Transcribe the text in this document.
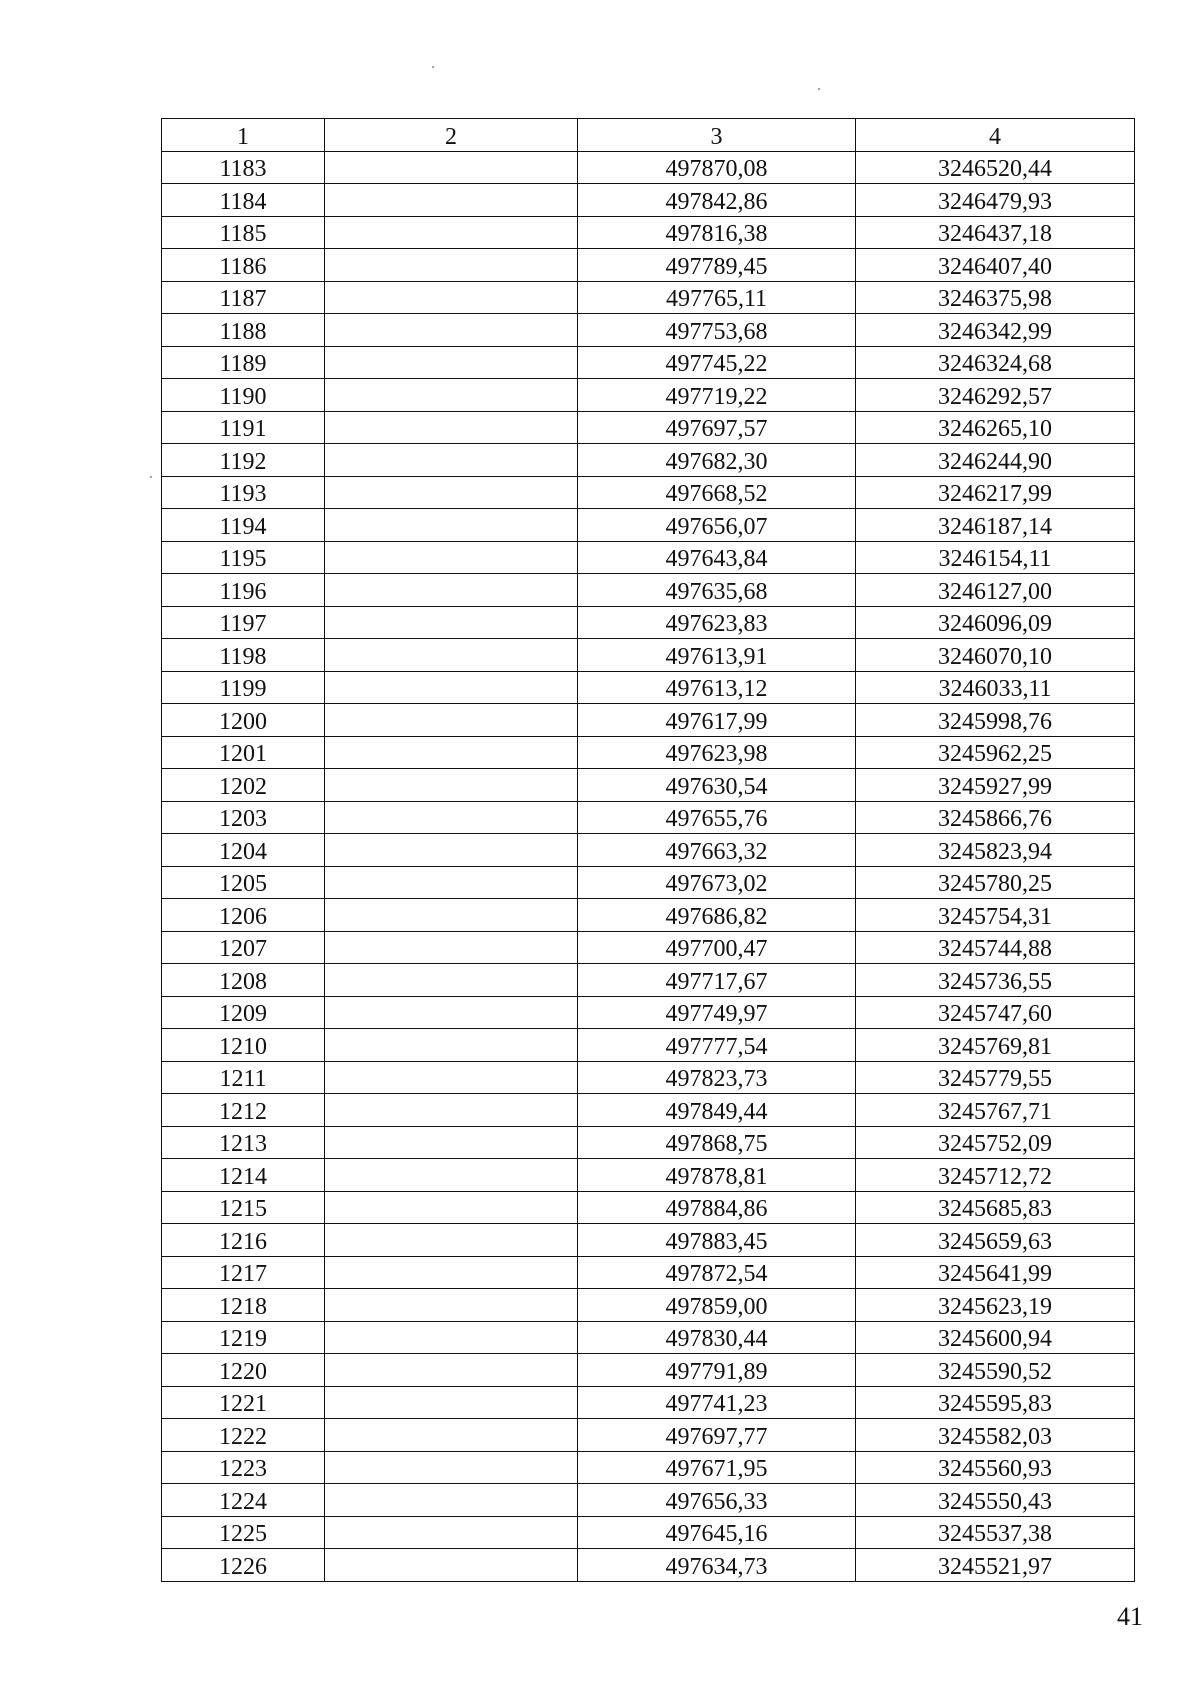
1	2	3	4
1183		497870,08	3246520,44
1184		497842,86	3246479,93
1185		497816,38	3246437,18
1186		497789,45	3246407,40
1187		497765,11	3246375,98
1188		497753,68	3246342,99
1189		497745,22	3246324,68
1190		497719,22	3246292,57
1191		497697,57	3246265,10
1192		497682,30	3246244,90
1193		497668,52	3246217,99
1194		497656,07	3246187,14
1195		497643,84	3246154,11
1196		497635,68	3246127,00
1197		497623,83	3246096,09
1198		497613,91	3246070,10
1199		497613,12	3246033,11
1200		497617,99	3245998,76
1201		497623,98	3245962,25
1202		497630,54	3245927,99
1203		497655,76	3245866,76
1204		497663,32	3245823,94
1205		497673,02	3245780,25
1206		497686,82	3245754,31
1207		497700,47	3245744,88
1208		497717,67	3245736,55
1209		497749,97	3245747,60
1210		497777,54	3245769,81
1211		497823,73	3245779,55
1212		497849,44	3245767,71
1213		497868,75	3245752,09
1214		497878,81	3245712,72
1215		497884,86	3245685,83
1216		497883,45	3245659,63
1217		497872,54	3245641,99
1218		497859,00	3245623,19
1219		497830,44	3245600,94
1220		497791,89	3245590,52
1221		497741,23	3245595,83
1222		497697,77	3245582,03
1223		497671,95	3245560,93
1224		497656,33	3245550,43
1225		497645,16	3245537,38
1226		497634,73	3245521,97
41
